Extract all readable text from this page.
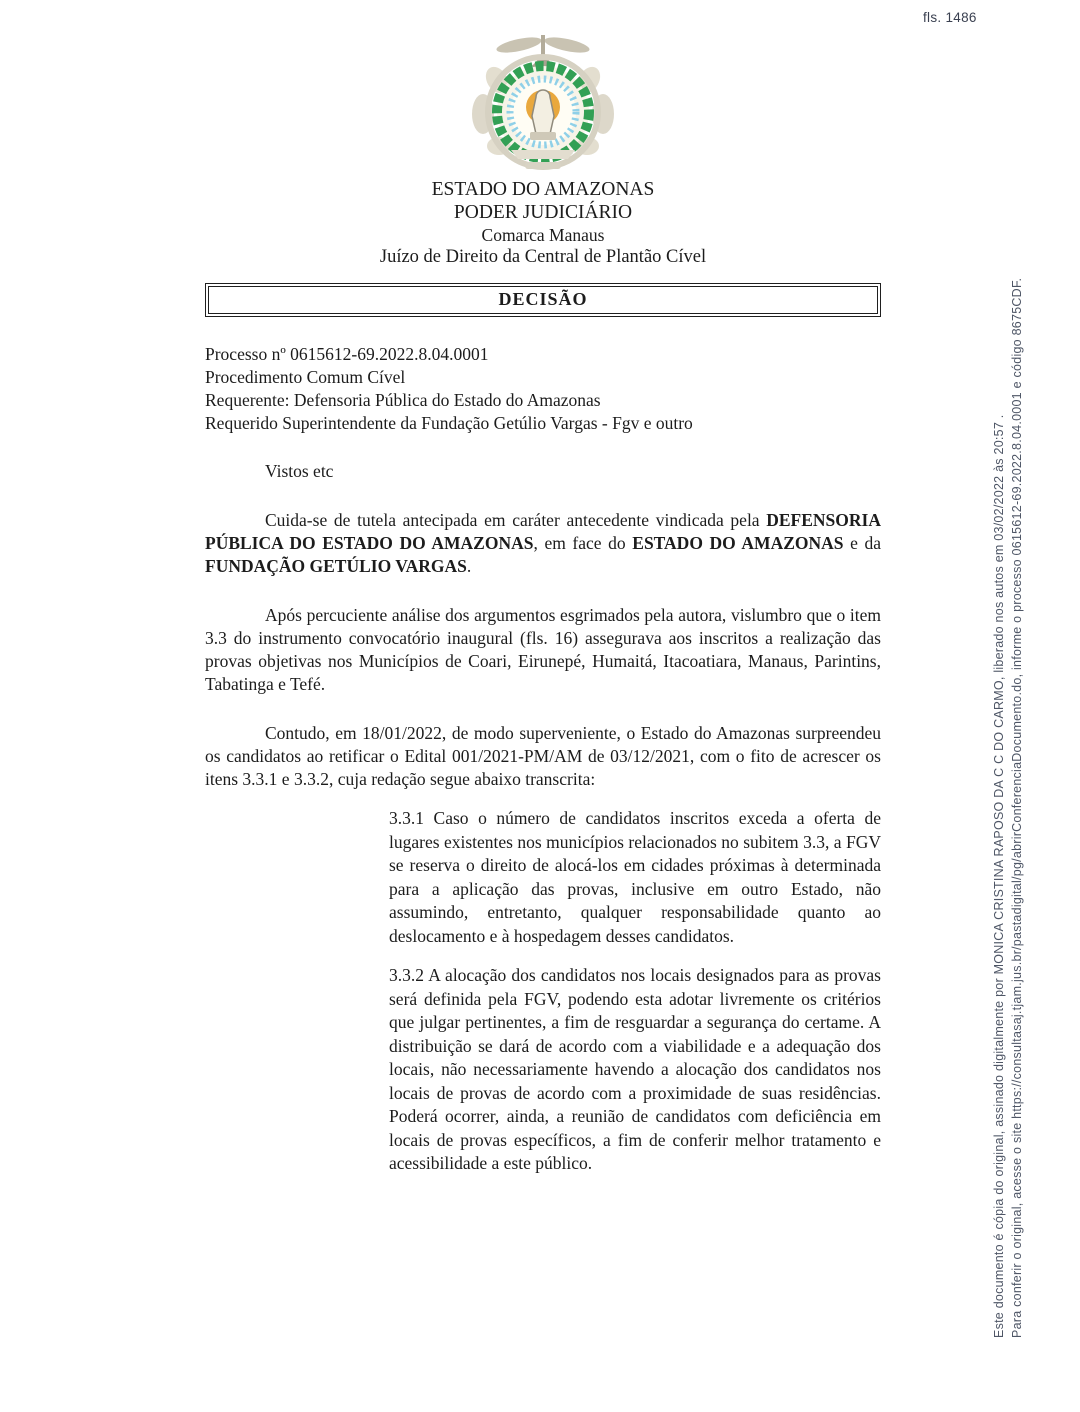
fls. 1486
Este documento é cópia do original, assinado digitalmente por MONICA CRISTINA RAPOSO DA C C DO CARMO, liberado nos autos em 03/02/2022 às 20:57 . Para conferir o original, acesse o site https://consultasaj.tjam.jus.br/pastadigital/pg/abrirConferenciaDocumento.do, informe o processo 0615612-69.2022.8.04.0001 e código 8675CDF.
ESTADO DO AMAZONAS
PODER JUDICIÁRIO
Comarca Manaus
Juízo de Direito da Central de Plantão Cível
DECISÃO
Processo nº 0615612-69.2022.8.04.0001
Procedimento Comum Cível
Requerente: Defensoria Pública do Estado do Amazonas
Requerido Superintendente da Fundação Getúlio Vargas - Fgv e outro

Vistos etc

Cuida-se de tutela antecipada em caráter antecedente vindicada pela DEFENSORIA PÚBLICA DO ESTADO DO AMAZONAS, em face do ESTADO DO AMAZONAS e da FUNDAÇÃO GETÚLIO VARGAS.

Após percuciente análise dos argumentos esgrimados pela autora, vislumbro que o item 3.3 do instrumento convocatório inaugural (fls. 16) assegurava aos inscritos a realização das provas objetivas nos Municípios de Coari, Eirunepé, Humaitá, Itacoatiara, Manaus, Parintins, Tabatinga e Tefé.

Contudo, em 18/01/2022, de modo superveniente, o Estado do Amazonas surpreendeu os candidatos ao retificar o Edital 001/2021-PM/AM de 03/12/2021, com o fito de acrescer os itens 3.3.1 e 3.3.2, cuja redação segue abaixo transcrita:

3.3.1 Caso o número de candidatos inscritos exceda a oferta de lugares existentes nos municípios relacionados no subitem 3.3, a FGV se reserva o direito de alocá-los em cidades próximas à determinada para a aplicação das provas, inclusive em outro Estado, não assumindo, entretanto, qualquer responsabilidade quanto ao deslocamento e à hospedagem desses candidatos.

3.3.2 A alocação dos candidatos nos locais designados para as provas será definida pela FGV, podendo esta adotar livremente os critérios que julgar pertinentes, a fim de resguardar a segurança do certame. A distribuição se dará de acordo com a viabilidade e a adequação dos locais, não necessariamente havendo a alocação dos candidatos nos locais de provas de acordo com a proximidade de suas residências. Poderá ocorrer, ainda, a reunião de candidatos com deficiência em locais de provas específicos, a fim de conferir melhor tratamento e acessibilidade a este público.
